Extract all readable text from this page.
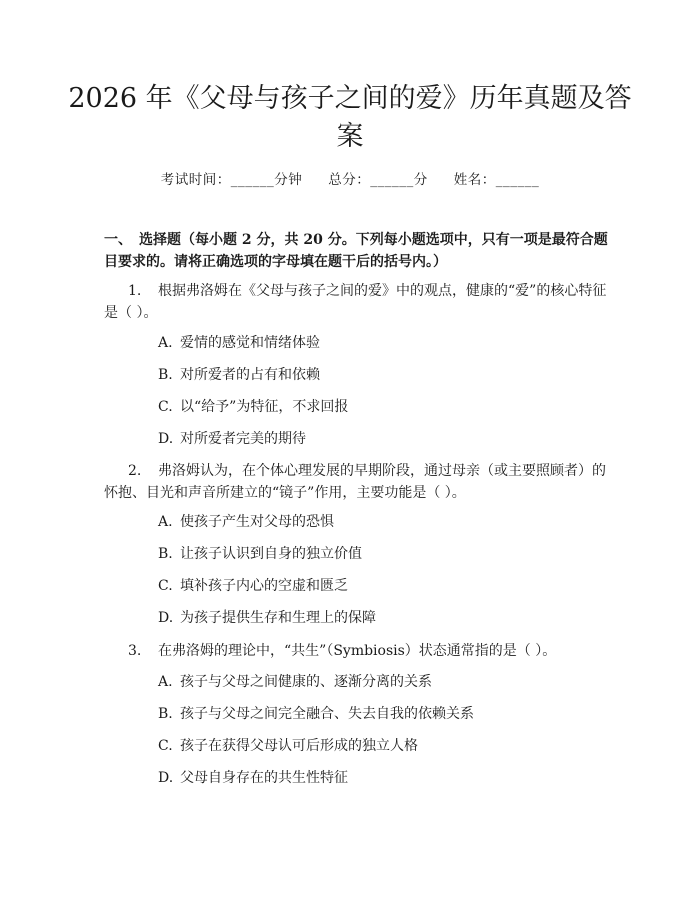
2026 年《父母与孩子之间的爱》历年真题及答案
考试时间：______分钟 总分：______分 姓名：______
一、　选择题（每小题 2 分，共 20 分。下列每小题选项中，只有一项是最符合题目要求的。请将正确选项的字母填在题干后的括号内。）
1. 根据弗洛姆在《父母与孩子之间的爱》中的观点，健康的“爱”的核心特征是（ ）。
A. 爱情的感觉和情绪体验
B. 对所爱者的占有和依赖
C. 以“给予”为特征，不求回报
D. 对所爱者完美的期待
2. 弗洛姆认为，在个体心理发展的早期阶段，通过母亲（或主要照顾者）的怀抱、目光和声音所建立的“镜子”作用，主要功能是（ ）。
A. 使孩子产生对父母的恐惧
B. 让孩子认识到自身的独立价值
C. 填补孩子内心的空虚和匮乏
D. 为孩子提供生存和生理上的保障
3. 在弗洛姆的理论中，“共生”（Symbiosis）状态通常指的是（ ）。
A. 孩子与父母之间健康的、逐渐分离的关系
B. 孩子与父母之间完全融合、失去自我的依赖关系
C. 孩子在获得父母认可后形成的独立人格
D. 父母自身存在的共生性特征
